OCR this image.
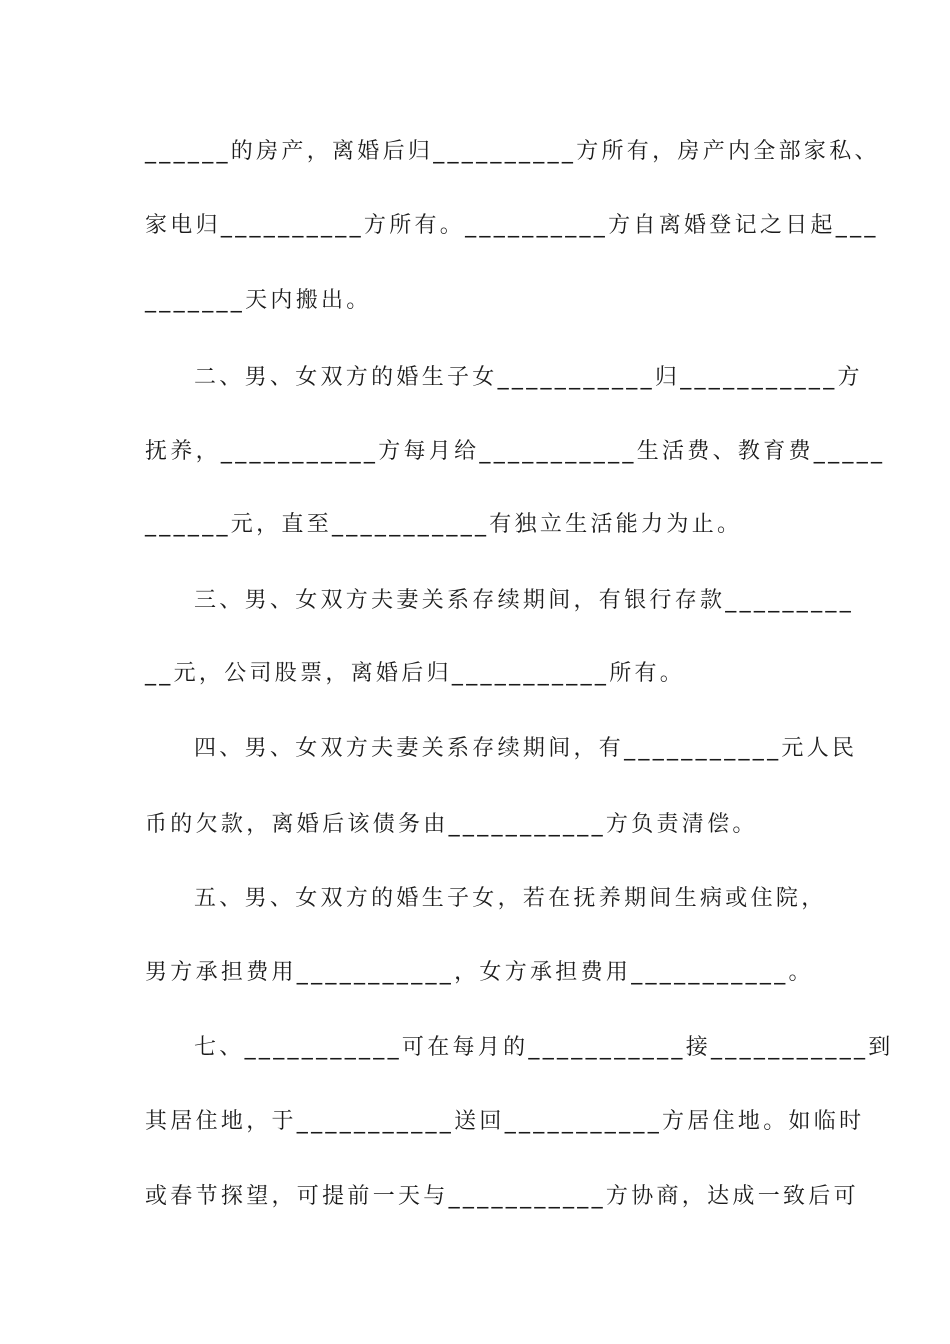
______的房产，离婚后归__________方所有，房产内全部家私、
家电归__________方所有。__________方自离婚登记之日起___
_______天内搬出。
二、男、女双方的婚生子女___________归___________方
抚养，___________方每月给___________生活费、教育费_____
______元，直至___________有独立生活能力为止。
三、男、女双方夫妻关系存续期间，有银行存款_________
__元，公司股票，离婚后归___________所有。
四、男、女双方夫妻关系存续期间，有___________元人民
币的欠款，离婚后该债务由___________方负责清偿。
五、男、女双方的婚生子女，若在抚养期间生病或住院，
男方承担费用___________，女方承担费用___________。
七、___________可在每月的___________接___________到
其居住地，于___________送回___________方居住地。如临时
或春节探望，可提前一天与___________方协商，达成一致后可
